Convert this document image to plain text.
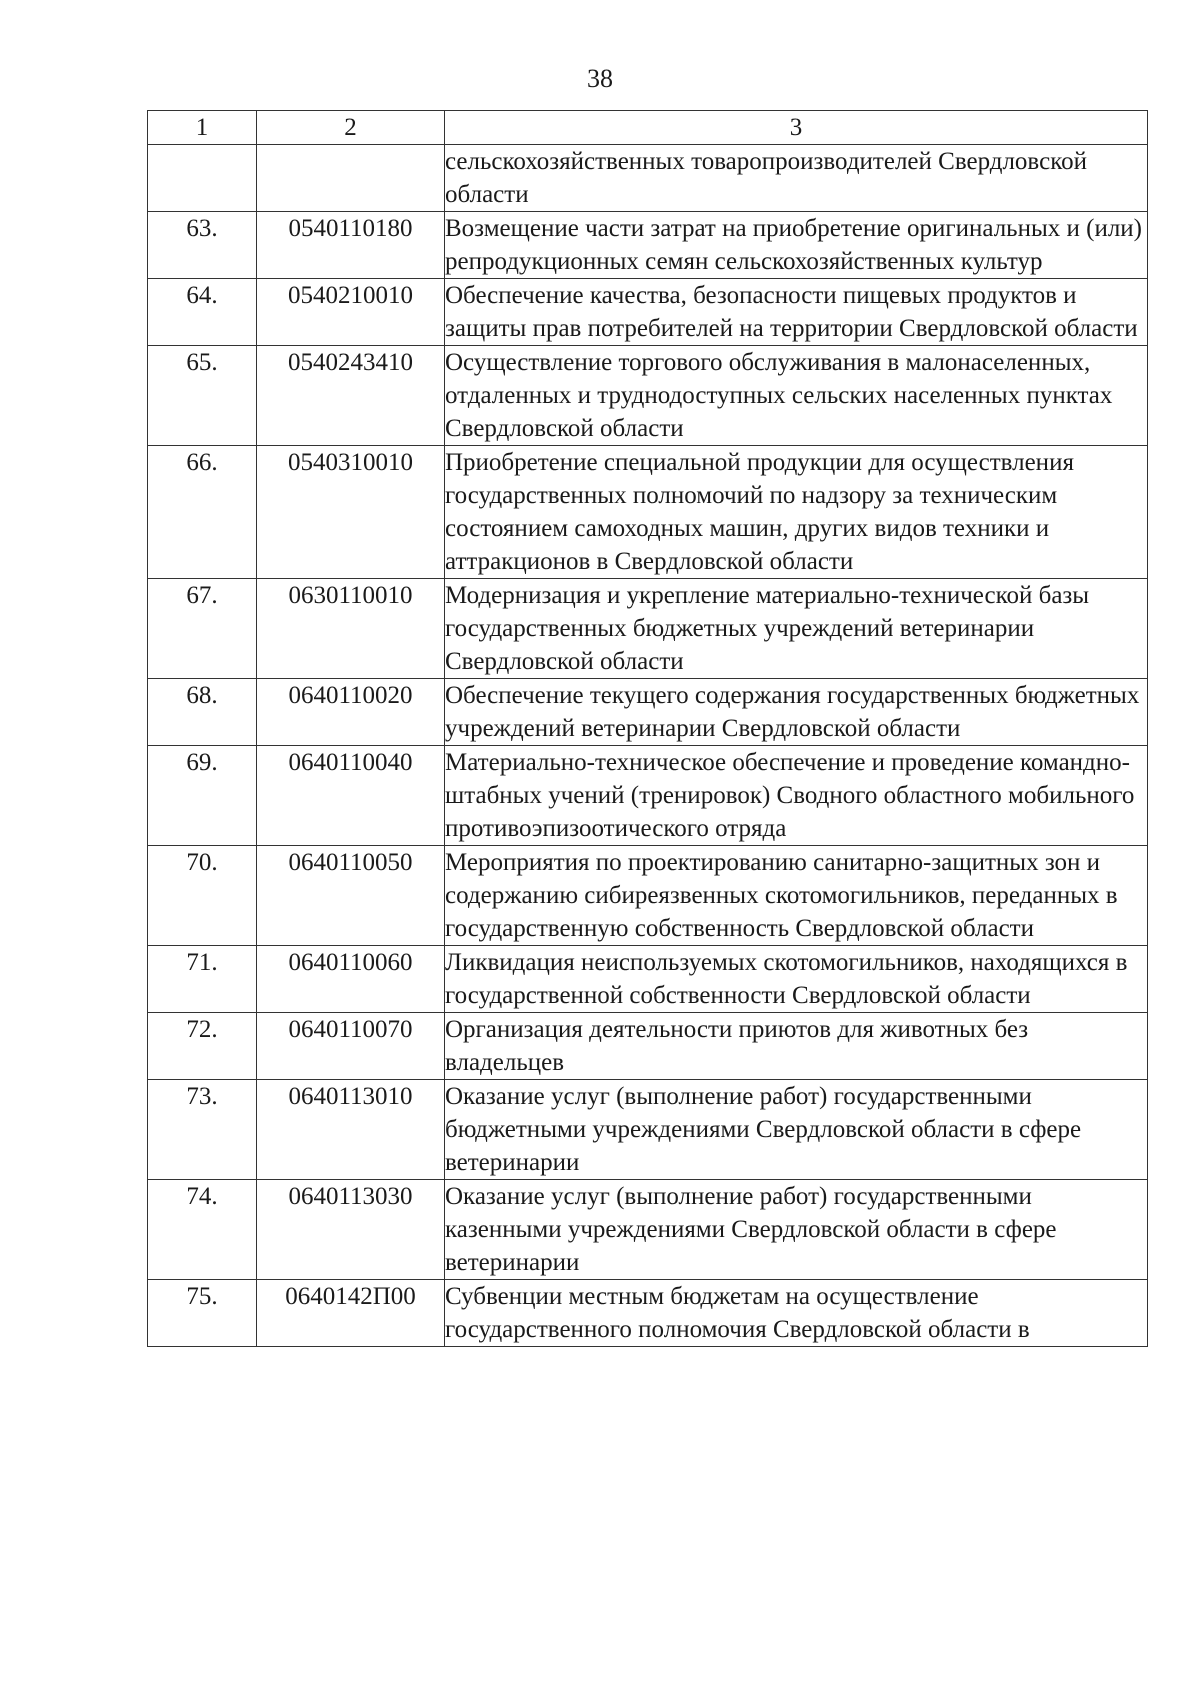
38
1	2	3
		сельскохозяйственных товаропроизводителей Свердловской области
63.	0540110180	Возмещение части затрат на приобретение оригинальных и (или) репродукционных семян сельскохозяйственных культур
64.	0540210010	Обеспечение качества, безопасности пищевых продуктов и защиты прав потребителей на территории Свердловской области
65.	0540243410	Осуществление торгового обслуживания в малонаселенных, отдаленных и труднодоступных сельских населенных пунктах Свердловской области
66.	0540310010	Приобретение специальной продукции для осуществления государственных полномочий по надзору за техническим состоянием самоходных машин, других видов техники и аттракционов в Свердловской области
67.	0630110010	Модернизация и укрепление материально-технической базы государственных бюджетных учреждений ветеринарии Свердловской области
68.	0640110020	Обеспечение текущего содержания государственных бюджетных учреждений ветеринарии Свердловской области
69.	0640110040	Материально-техническое обеспечение и проведение командно-штабных учений (тренировок) Сводного областного мобильного противоэпизоотического отряда
70.	0640110050	Мероприятия по проектированию санитарно-защитных зон и содержанию сибиреязвенных скотомогильников, переданных в государственную собственность Свердловской области
71.	0640110060	Ликвидация неиспользуемых скотомогильников, находящихся в государственной собственности Свердловской области
72.	0640110070	Организация деятельности приютов для животных без владельцев
73.	0640113010	Оказание услуг (выполнение работ) государственными бюджетными учреждениями Свердловской области в сфере ветеринарии
74.	0640113030	Оказание услуг (выполнение работ) государственными казенными учреждениями Свердловской области в сфере ветеринарии
75.	0640142П00	Субвенции местным бюджетам на осуществление государственного полномочия Свердловской области в
